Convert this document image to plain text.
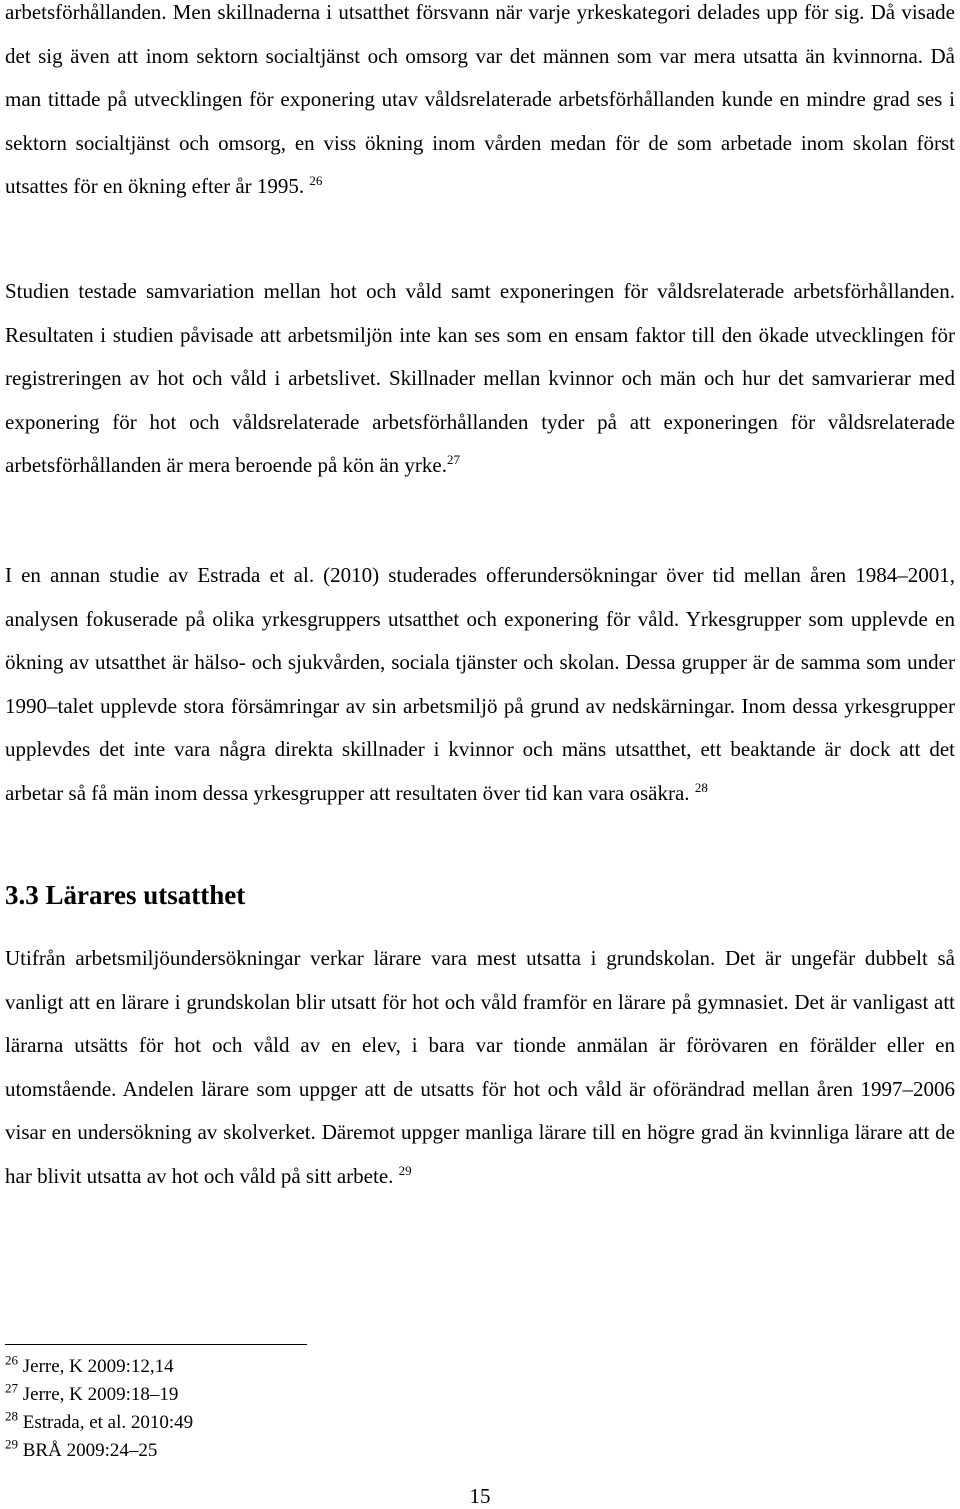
arbetsförhållanden. Men skillnaderna i utsatthet försvann när varje yrkeskategori delades upp för sig. Då visade det sig även att inom sektorn socialtjänst och omsorg var det männen som var mera utsatta än kvinnorna. Då man tittade på utvecklingen för exponering utav våldsrelaterade arbetsförhållanden kunde en mindre grad ses i sektorn socialtjänst och omsorg, en viss ökning inom vården medan för de som arbetade inom skolan först utsattes för en ökning efter år 1995. $^{26}$

Studien testade samvariation mellan hot och våld samt exponeringen för våldsrelaterade arbetsförhållanden. Resultaten i studien påvisade att arbetsmiljön inte kan ses som en ensam faktor till den ökade utvecklingen för registreringen av hot och våld i arbetslivet. Skillnader mellan kvinnor och män och hur det samvarierar med exponering för hot och våldsrelaterade arbetsförhållanden tyder på att exponeringen för våldsrelaterade arbetsförhållanden är mera beroende på kön än yrke.$^{27}$

I en annan studie av Estrada et al. (2010) studerades offerundersökningar över tid mellan åren 1984–2001, analysen fokuserade på olika yrkesgruppers utsatthet och exponering för våld. Yrkesgrupper som upplevde en ökning av utsatthet är hälso- och sjukvården, sociala tjänster och skolan. Dessa grupper är de samma som under 1990–talet upplevde stora försämringar av sin arbetsmiljö på grund av nedskärningar. Inom dessa yrkesgrupper upplevdes det inte vara några direkta skillnader i kvinnor och mäns utsatthet, ett beaktande är dock att det arbetar så få män inom dessa yrkesgrupper att resultaten över tid kan vara osäkra. $^{28}$

3.3 Lärares utsatthet

Utifrån arbetsmiljöundersökningar verkar lärare vara mest utsatta i grundskolan. Det är ungefär dubbelt så vanligt att en lärare i grundskolan blir utsatt för hot och våld framför en lärare på gymnasiet. Det är vanligast att lärarna utsätts för hot och våld av en elev, i bara var tionde anmälan är förövaren en förälder eller en utomstående. Andelen lärare som uppger att de utsatts för hot och våld är oförändrad mellan åren 1997–2006 visar en undersökning av skolverket. Däremot uppger manliga lärare till en högre grad än kvinnliga lärare att de har blivit utsatta av hot och våld på sitt arbete. $^{29}$

$^{26}$ Jerre, K 2009:12,14

$^{27}$ Jerre, K 2009:18–19

$^{28}$ Estrada, et al. 2010:49

$^{29}$ BRÅ 2009:24–25

15
